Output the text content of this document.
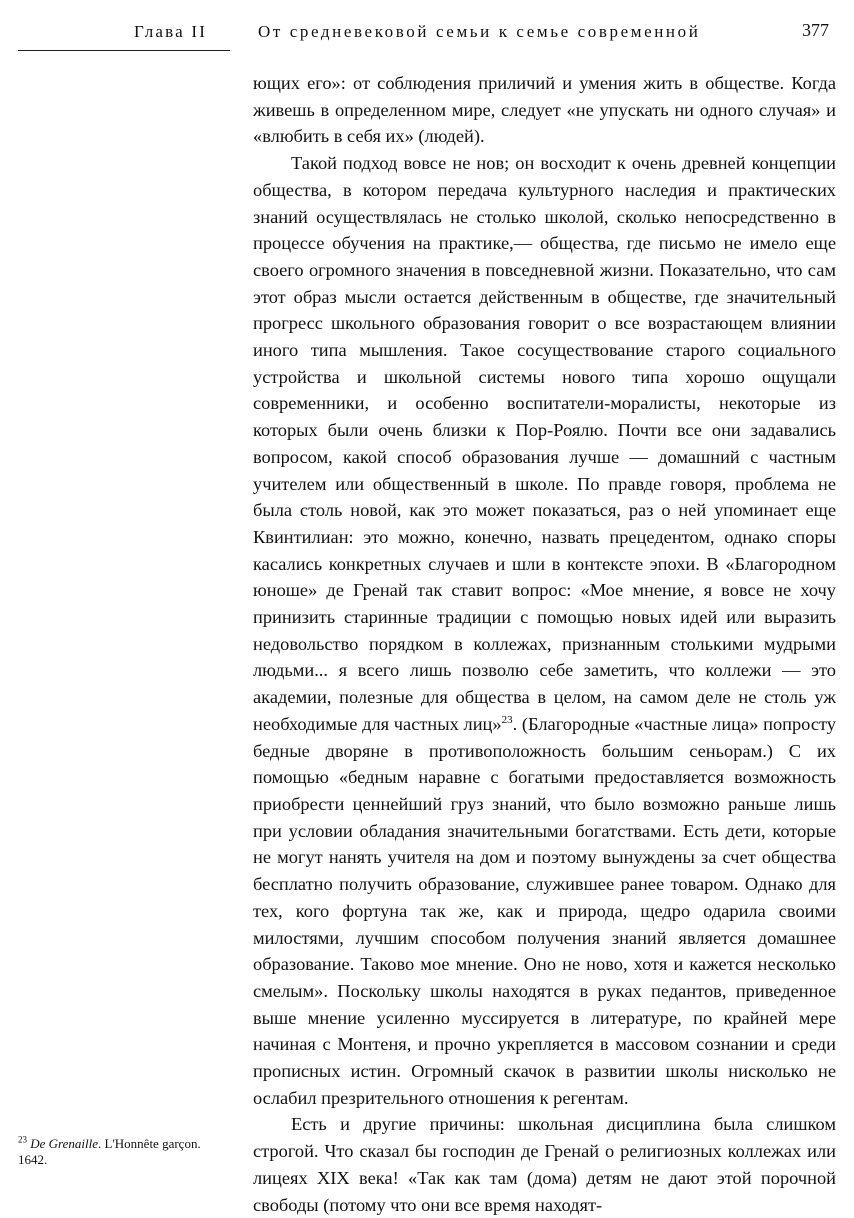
Глава II	От средневековой семьи к семье современной	377

ющих его»: от соблюдения приличий и умения жить в обществе. Когда живешь в определенном мире, следует «не упускать ни одного случая» и «влюбить в себя их» (людей).

Такой подход вовсе не нов; он восходит к очень древней концепции общества, в котором передача культурного наследия и практических знаний осуществлялась не столько школой, сколько непосредственно в процессе обучения на практике,— общества, где письмо не имело еще своего огромного значения в повседневной жизни. Показательно, что сам этот образ мысли остается действенным в обществе, где значительный прогресс школьного образования говорит о все возрастающем влиянии иного типа мышления. Такое сосуществование старого социального устройства и школьной системы нового типа хорошо ощущали современники, и особенно воспитатели-моралисты, некоторые из которых были очень близки к Пор-Роялю. Почти все они задавались вопросом, какой способ образования лучше — домашний с частным учителем или общественный в школе. По правде говоря, проблема не была столь новой, как это может показаться, раз о ней упоминает еще Квинтилиан: это можно, конечно, назвать прецедентом, однако споры касались конкретных случаев и шли в контексте эпохи. В «Благородном юноше» де Гренай так ставит вопрос: «Мое мнение, я вовсе не хочу принизить старинные традиции с помощью новых идей или выразить недовольство порядком в коллежах, признанным столькими мудрыми людьми... я всего лишь позволю себе заметить, что коллежи — это академии, полезные для общества в целом, на самом деле не столь уж необходимые для частных лиц»$^{23}$. (Благородные «частные лица» попросту бедные дворяне в противоположность большим сеньорам.) С их помощью «бедным наравне с богатыми предоставляется возможность приобрести ценнейший груз знаний, что было возможно раньше лишь при условии обладания значительными богатствами. Есть дети, которые не могут нанять учителя на дом и поэтому вынуждены за счет общества бесплатно получить образование, служившее ранее товаром. Однако для тех, кого фортуна так же, как и природа, щедро одарила своими милостями, лучшим способом получения знаний является домашнее образование. Таково мое мнение. Оно не ново, хотя и кажется несколько смелым». Поскольку школы находятся в руках педантов, приведенное выше мнение усиленно муссируется в литературе, по крайней мере начиная с Монтеня, и прочно укрепляется в массовом сознании и среди прописных истин. Огромный скачок в развитии школы нисколько не ослабил презрительного отношения к регентам.

Есть и другие причины: школьная дисциплина была слишком строгой. Что сказал бы господин де Гренай о религиозных коллежах или лицеях XIX века! «Так как там (дома) детям не дают этой порочной свободы (потому что они все время находят-

$^{23}$ De Grenaille. L'Honnête garçon. 1642.
